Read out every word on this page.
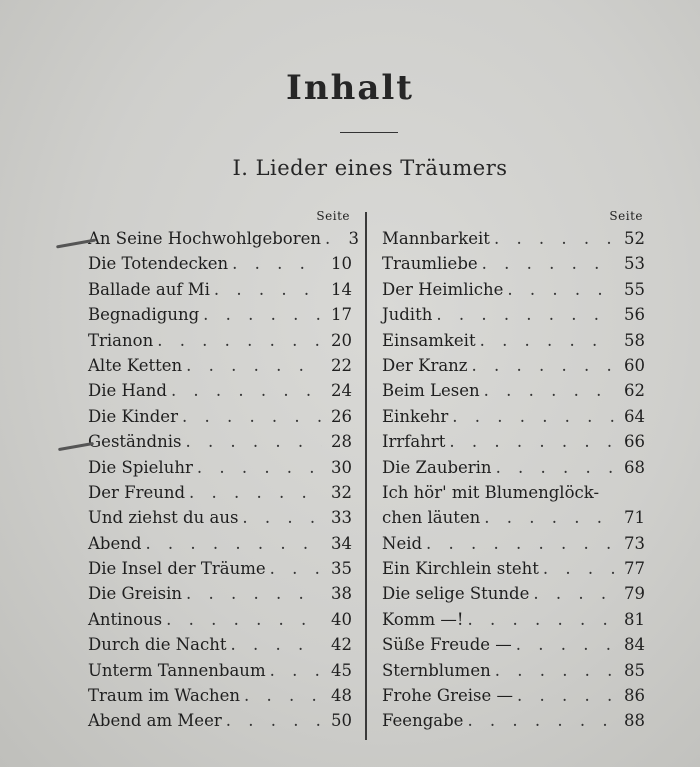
Inhalt
I. Lieder eines Träumers
Seite
An Seine Hochwohlgeboren . . .	3
Die Totendecken . . .	10
Ballade auf Mi . . .	14
Begnadigung . . .	17
Trianon . . .	20
Alte Ketten . . .	22
Die Hand . . .	24
Die Kinder . . .	26
Geständnis . . .	28
Die Spieluhr . . .	30
Der Freund . . .	32
Und ziehst du aus . . .	33
Abend . . .	34
Die Insel der Träume . . .	35
Die Greisin . . .	38
Antinous . . .	40
Durch die Nacht . . .	42
Unterm Tannenbaum . . .	45
Traum im Wachen . . .	48
Abend am Meer . . .	50
Seite
Mannbarkeit . . .	52
Traumliebe . . .	53
Der Heimliche . . .	55
Judith . . .	56
Einsamkeit . . .	58
Der Kranz . . .	60
Beim Lesen . . .	62
Einkehr . . .	64
Irrfahrt . . .	66
Die Zauberin . . .	68
Ich hör' mit Blumenglöck-
chen läuten . . .	71
Neid . . .	73
Ein Kirchlein steht . . .	77
Die selige Stunde . . .	79
Komm —! . . .	81
Süße Freude — . . .	84
Sternblumen . . .	85
Frohe Greise — . . .	86
Feengabe . . .	88
